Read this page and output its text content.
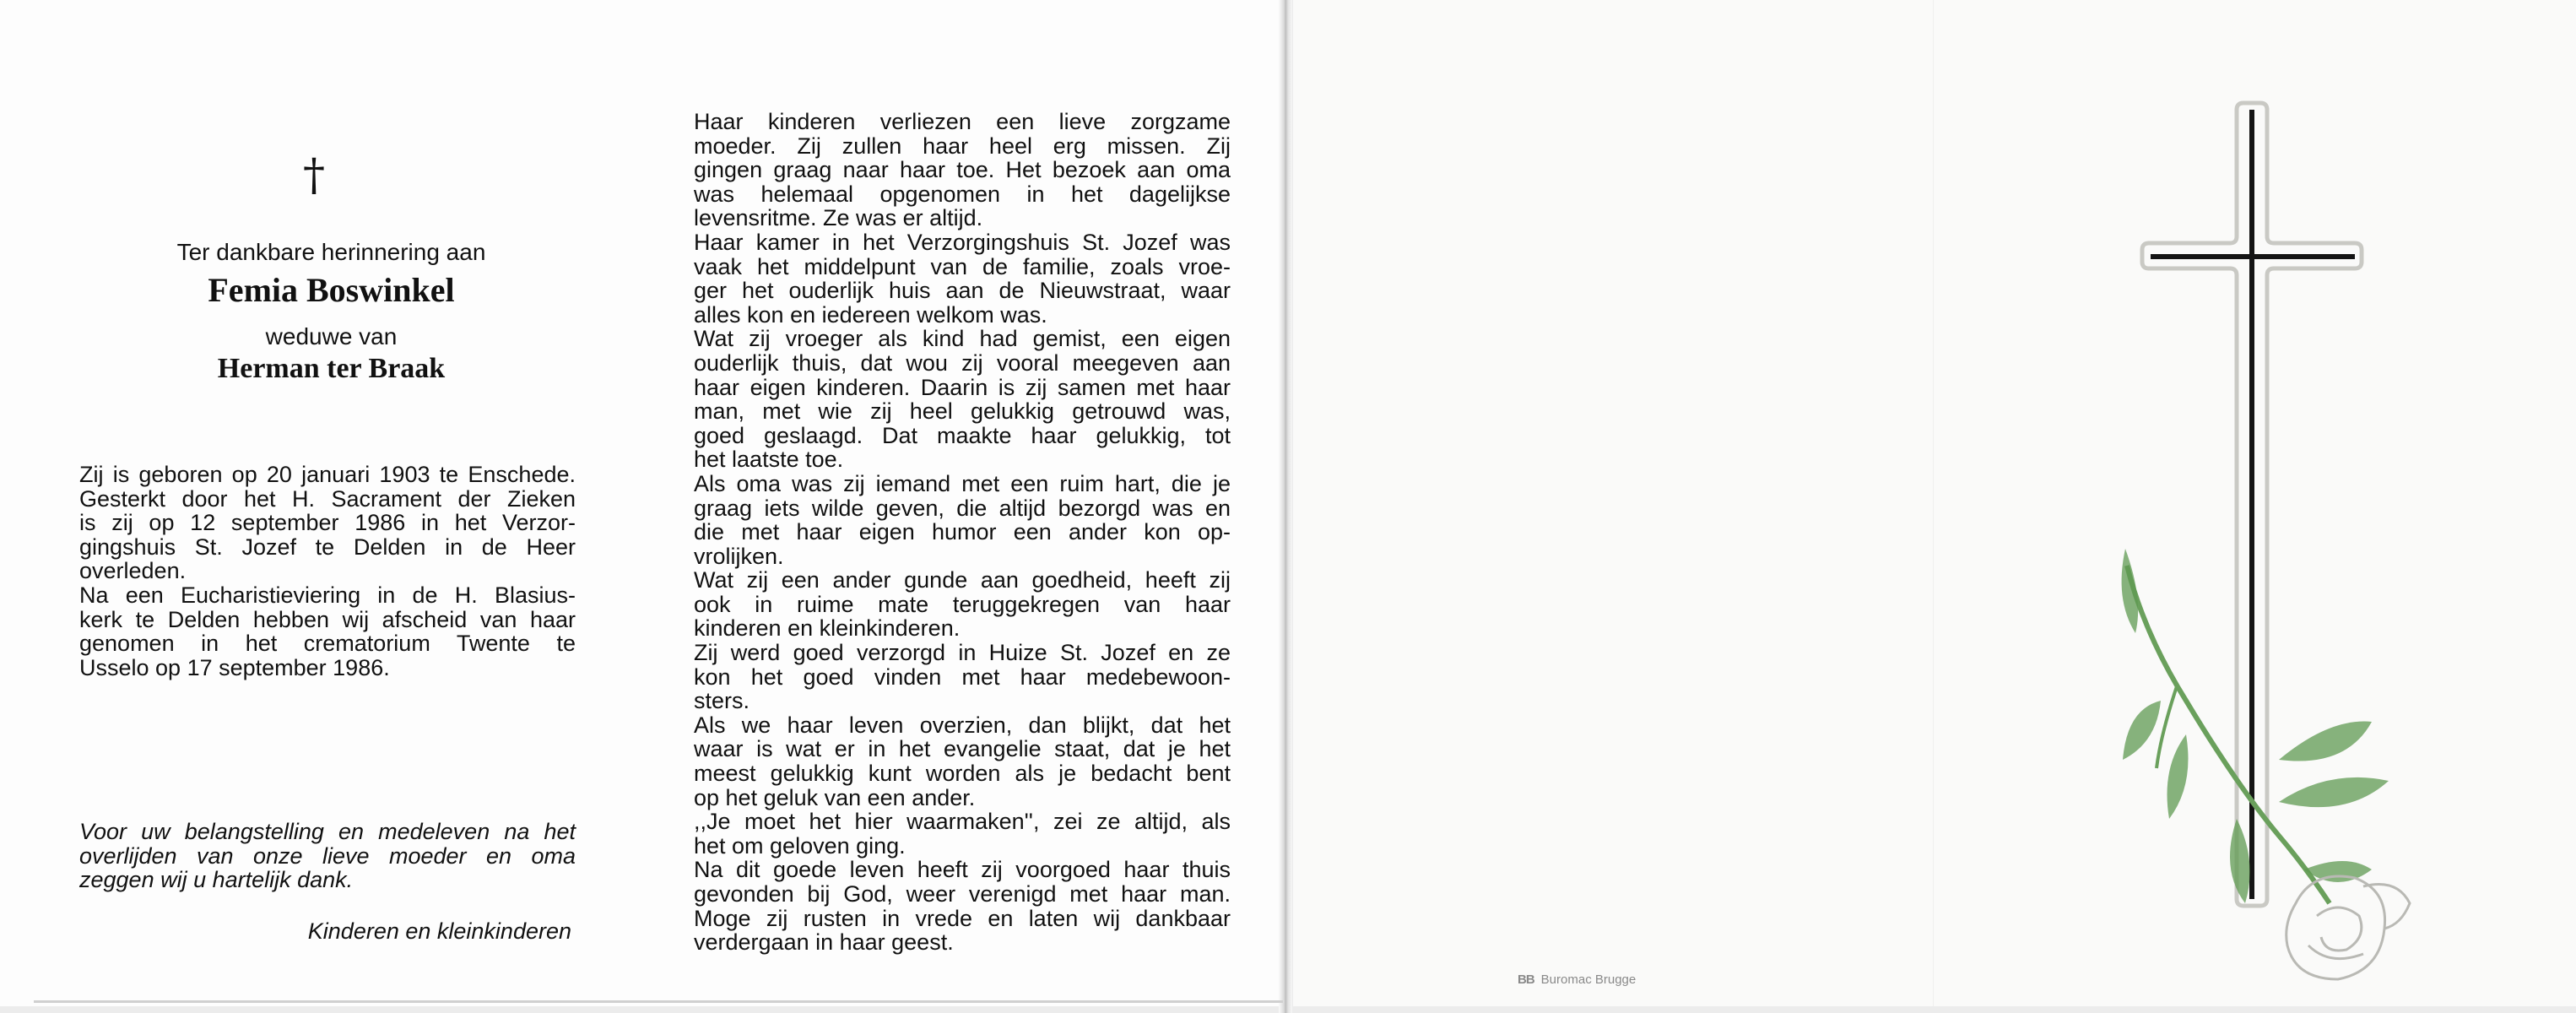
†
Ter dankbare herinnering aan
Femia Boswinkel
weduwe van
Herman ter Braak
Zij is geboren op 20 januari 1903 te Enschede.
Gesterkt door het H. Sacrament der Zieken
is zij op 12 september 1986 in het Verzor-
gingshuis St. Jozef te Delden in de Heer
overleden.
Na een Eucharistieviering in de H. Blasius-
kerk te Delden hebben wij afscheid van haar
genomen in het crematorium Twente te
Usselo op 17 september 1986.
Voor uw belangstelling en medeleven na het
overlijden van onze lieve moeder en oma
zeggen wij u hartelijk dank.
Kinderen en kleinkinderen
Haar kinderen verliezen een lieve zorgzame
moeder. Zij zullen haar heel erg missen. Zij
gingen graag naar haar toe. Het bezoek aan oma
was helemaal opgenomen in het dagelijkse
levensritme. Ze was er altijd.
Haar kamer in het Verzorgingshuis St. Jozef was
vaak het middelpunt van de familie, zoals vroe-
ger het ouderlijk huis aan de Nieuwstraat, waar
alles kon en iedereen welkom was.
Wat zij vroeger als kind had gemist, een eigen
ouderlijk thuis, dat wou zij vooral meegeven aan
haar eigen kinderen. Daarin is zij samen met haar
man, met wie zij heel gelukkig getrouwd was,
goed geslaagd. Dat maakte haar gelukkig, tot
het laatste toe.
Als oma was zij iemand met een ruim hart, die je
graag iets wilde geven, die altijd bezorgd was en
die met haar eigen humor een ander kon op-
vrolijken.
Wat zij een ander gunde aan goedheid, heeft zij
ook in ruime mate teruggekregen van haar
kinderen en kleinkinderen.
Zij werd goed verzorgd in Huize St. Jozef en ze
kon het goed vinden met haar medebewoon-
sters.
Als we haar leven overzien, dan blijkt, dat het
waar is wat er in het evangelie staat, dat je het
meest gelukkig kunt worden als je bedacht bent
op het geluk van een ander.
,,Je moet het hier waarmaken'', zei ze altijd, als
het om geloven ging.
Na dit goede leven heeft zij voorgoed haar thuis
gevonden bij God, weer verenigd met haar man.
Moge zij rusten in vrede en laten wij dankbaar
verdergaan in haar geest.
BB Buromac Brugge
